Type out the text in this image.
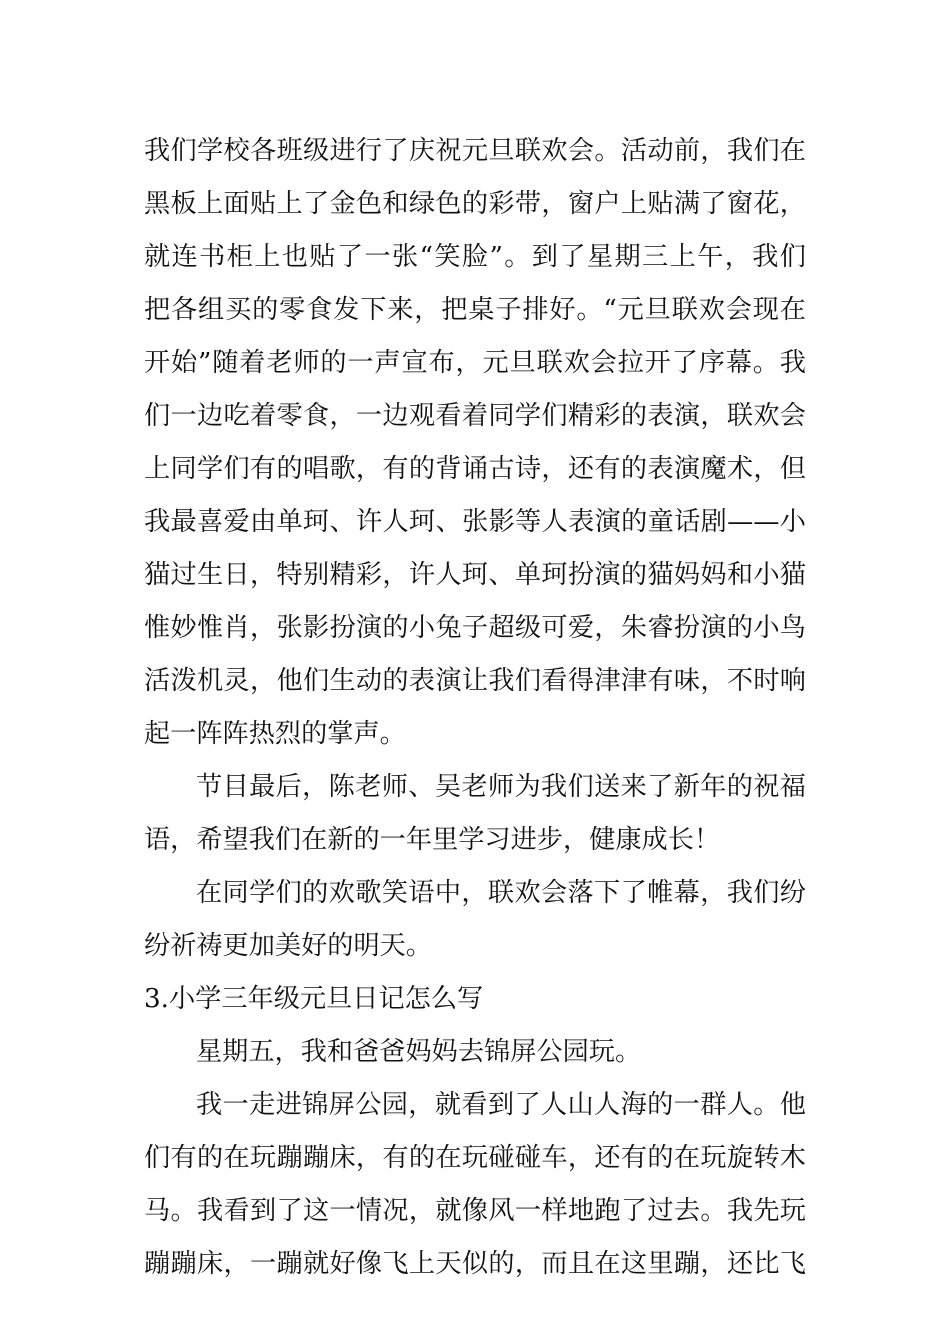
我们学校各班级进行了庆祝元旦联欢会。活动前，我们在
黑板上面贴上了金色和绿色的彩带，窗户上贴满了窗花，
就连书柜上也贴了一张“笑脸”。到了星期三上午，我们
把各组买的零食发下来，把桌子排好。“元旦联欢会现在
开始”随着老师的一声宣布，元旦联欢会拉开了序幕。我
们一边吃着零食，一边观看着同学们精彩的表演，联欢会
上同学们有的唱歌，有的背诵古诗，还有的表演魔术，但
我最喜爱由单珂、许人珂、张影等人表演的童话剧——小
猫过生日，特别精彩，许人珂、单珂扮演的猫妈妈和小猫
惟妙惟肖，张影扮演的小兔子超级可爱，朱睿扮演的小鸟
活泼机灵，他们生动的表演让我们看得津津有味，不时响
起一阵阵热烈的掌声。
节目最后，陈老师、吴老师为我们送来了新年的祝福
语，希望我们在新的一年里学习进步，健康成长！
在同学们的欢歌笑语中，联欢会落下了帷幕，我们纷
纷祈祷更加美好的明天。
3.小学三年级元旦日记怎么写
星期五，我和爸爸妈妈去锦屏公园玩。
我一走进锦屏公园，就看到了人山人海的一群人。他
们有的在玩蹦蹦床，有的在玩碰碰车，还有的在玩旋转木
马。我看到了这一情况，就像风一样地跑了过去。我先玩
蹦蹦床，一蹦就好像飞上天似的，而且在这里蹦，还比飞
